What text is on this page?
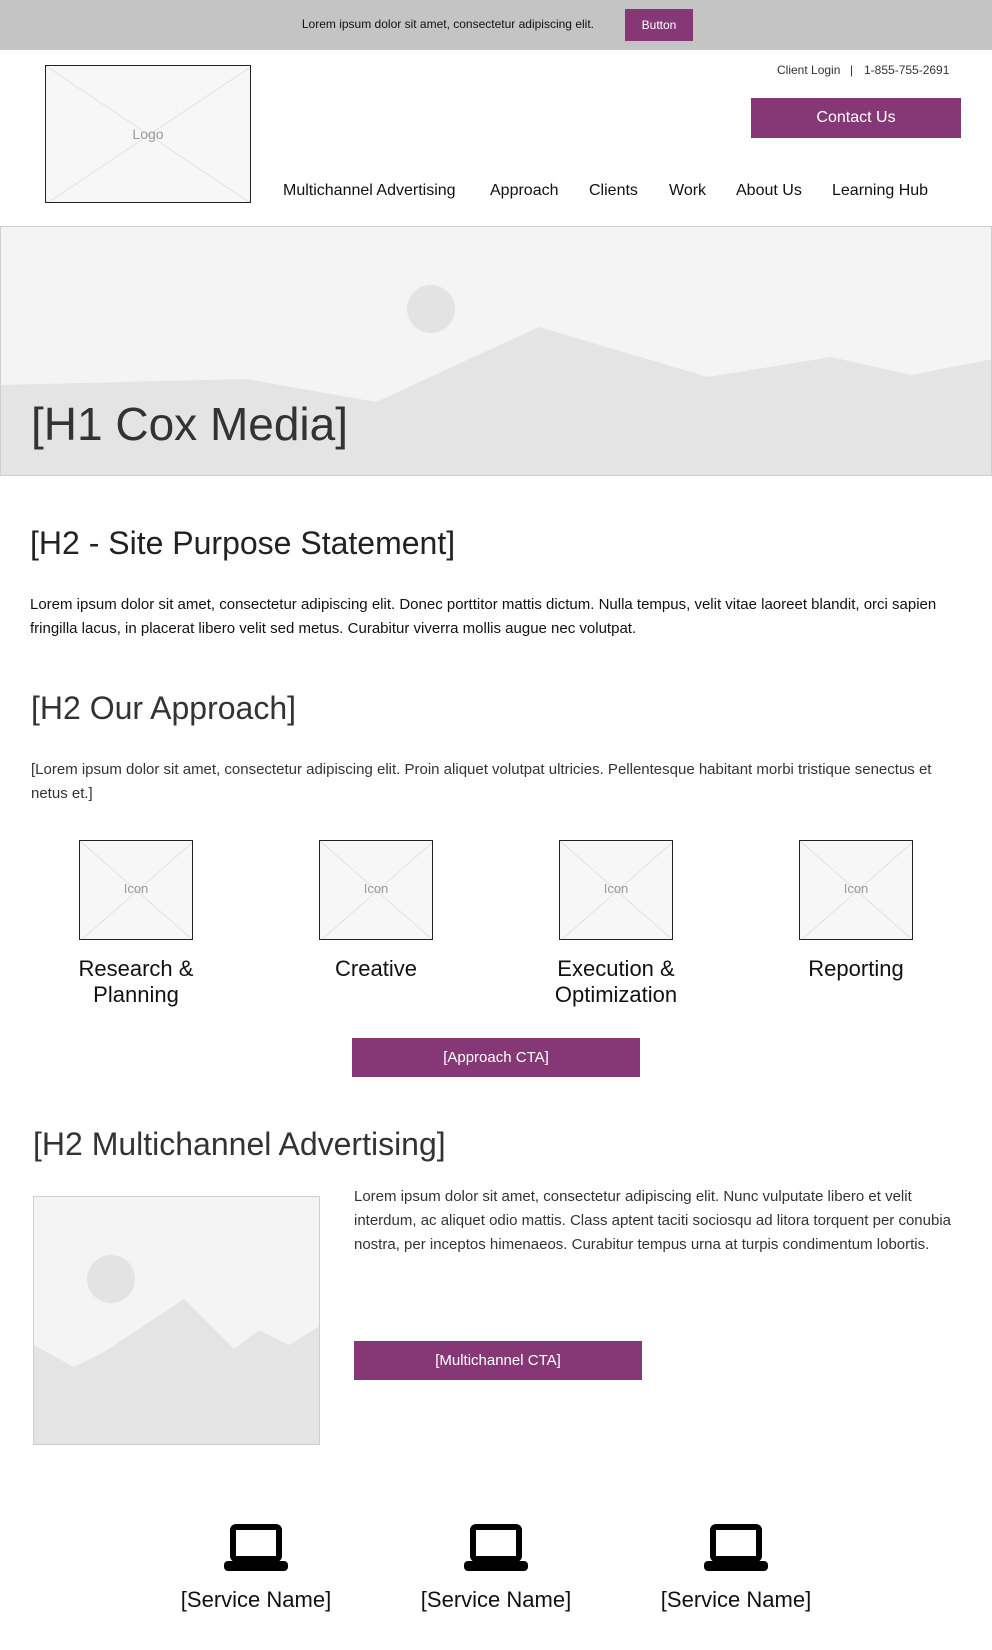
Lorem ipsum dolor sit amet, consectetur adipiscing elit.	Button
Logo
Client Login | 1-855-755-2691
Contact Us
Multichannel Advertising Approach Clients Work About Us Learning Hub
[H1 Cox Media]
[H2 - Site Purpose Statement]
Lorem ipsum dolor sit amet, consectetur adipiscing elit. Donec porttitor mattis dictum. Nulla tempus, velit vitae laoreet blandit, orci sapien fringilla lacus, in placerat libero velit sed metus. Curabitur viverra mollis augue nec volutpat.
[H2 Our Approach]
[Lorem ipsum dolor sit amet, consectetur adipiscing elit. Proin aliquet volutpat ultricies. Pellentesque habitant morbi tristique senectus et netus et.]
Icon	Icon	Icon	Icon
Research & Planning
Creative	Execution & Optimization
Reporting
[Approach CTA]
[H2 Multichannel Advertising]
Lorem ipsum dolor sit amet, consectetur adipiscing elit. Nunc vulputate libero et velit interdum, ac aliquet odio mattis. Class aptent taciti sociosqu ad litora torquent per conubia nostra, per inceptos himenaeos. Curabitur tempus urna at turpis condimentum lobortis.
[Multichannel CTA]
[Service Name]	[Service Name]	[Service Name]
